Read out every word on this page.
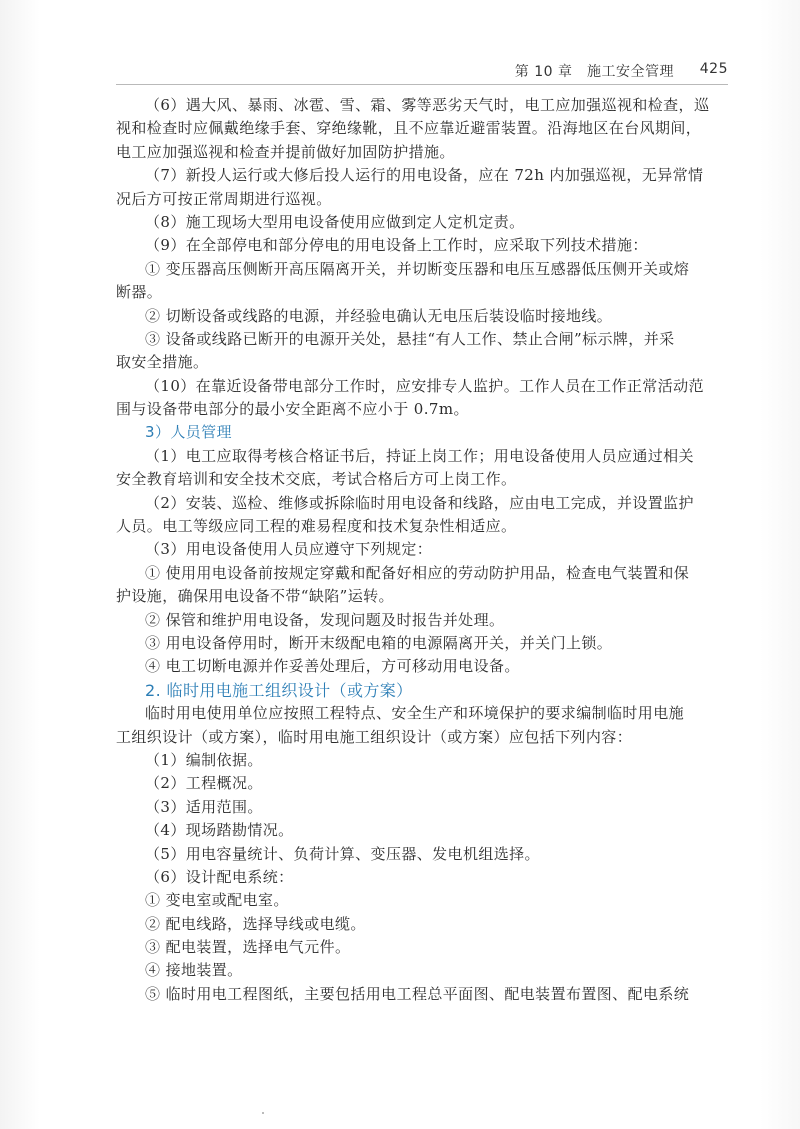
第 10 章　施工安全管理 425
（6）遇大风、暴雨、冰雹、雪、霜、雾等恶劣天气时，电工应加强巡视和检查，巡
视和检查时应佩戴绝缘手套、穿绝缘靴，且不应靠近避雷装置。沿海地区在台风期间，
电工应加强巡视和检查并提前做好加固防护措施。
（7）新投人运行或大修后投人运行的用电设备，应在 72h 内加强巡视，无异常情
况后方可按正常周期进行巡视。
（8）施工现场大型用电设备使用应做到定人定机定责。
（9）在全部停电和部分停电的用电设备上工作时，应采取下列技术措施：
① 变压器高压侧断开高压隔离开关，并切断变压器和电压互感器低压侧开关或熔
断器。
② 切断设备或线路的电源，并经验电确认无电压后装设临时接地线。
③ 设备或线路已断开的电源开关处，悬挂“有人工作、禁止合闸”标示牌，并采
取安全措施。
（10）在靠近设备带电部分工作时，应安排专人监护。工作人员在工作正常活动范
围与设备带电部分的最小安全距离不应小于 0.7m。
3）人员管理
（1）电工应取得考核合格证书后，持证上岗工作；用电设备使用人员应通过相关
安全教育培训和安全技术交底，考试合格后方可上岗工作。
（2）安装、巡检、维修或拆除临时用电设备和线路，应由电工完成，并设置监护
人员。电工等级应同工程的难易程度和技术复杂性相适应。
（3）用电设备使用人员应遵守下列规定：
① 使用用电设备前按规定穿戴和配备好相应的劳动防护用品，检查电气装置和保
护设施，确保用电设备不带“缺陷”运转。
② 保管和维护用电设备，发现问题及时报告并处理。
③ 用电设备停用时，断开末级配电箱的电源隔离开关，并关门上锁。
④ 电工切断电源并作妥善处理后，方可移动用电设备。
2. 临时用电施工组织设计（或方案）
临时用电使用单位应按照工程特点、安全生产和环境保护的要求编制临时用电施
工组织设计（或方案），临时用电施工组织设计（或方案）应包括下列内容：
（1）编制依据。
（2）工程概况。
（3）适用范围。
（4）现场踏勘情况。
（5）用电容量统计、负荷计算、变压器、发电机组选择。
（6）设计配电系统：
① 变电室或配电室。
② 配电线路，选择导线或电缆。
③ 配电装置，选择电气元件。
④ 接地装置。
⑤ 临时用电工程图纸，主要包括用电工程总平面图、配电装置布置图、配电系统
